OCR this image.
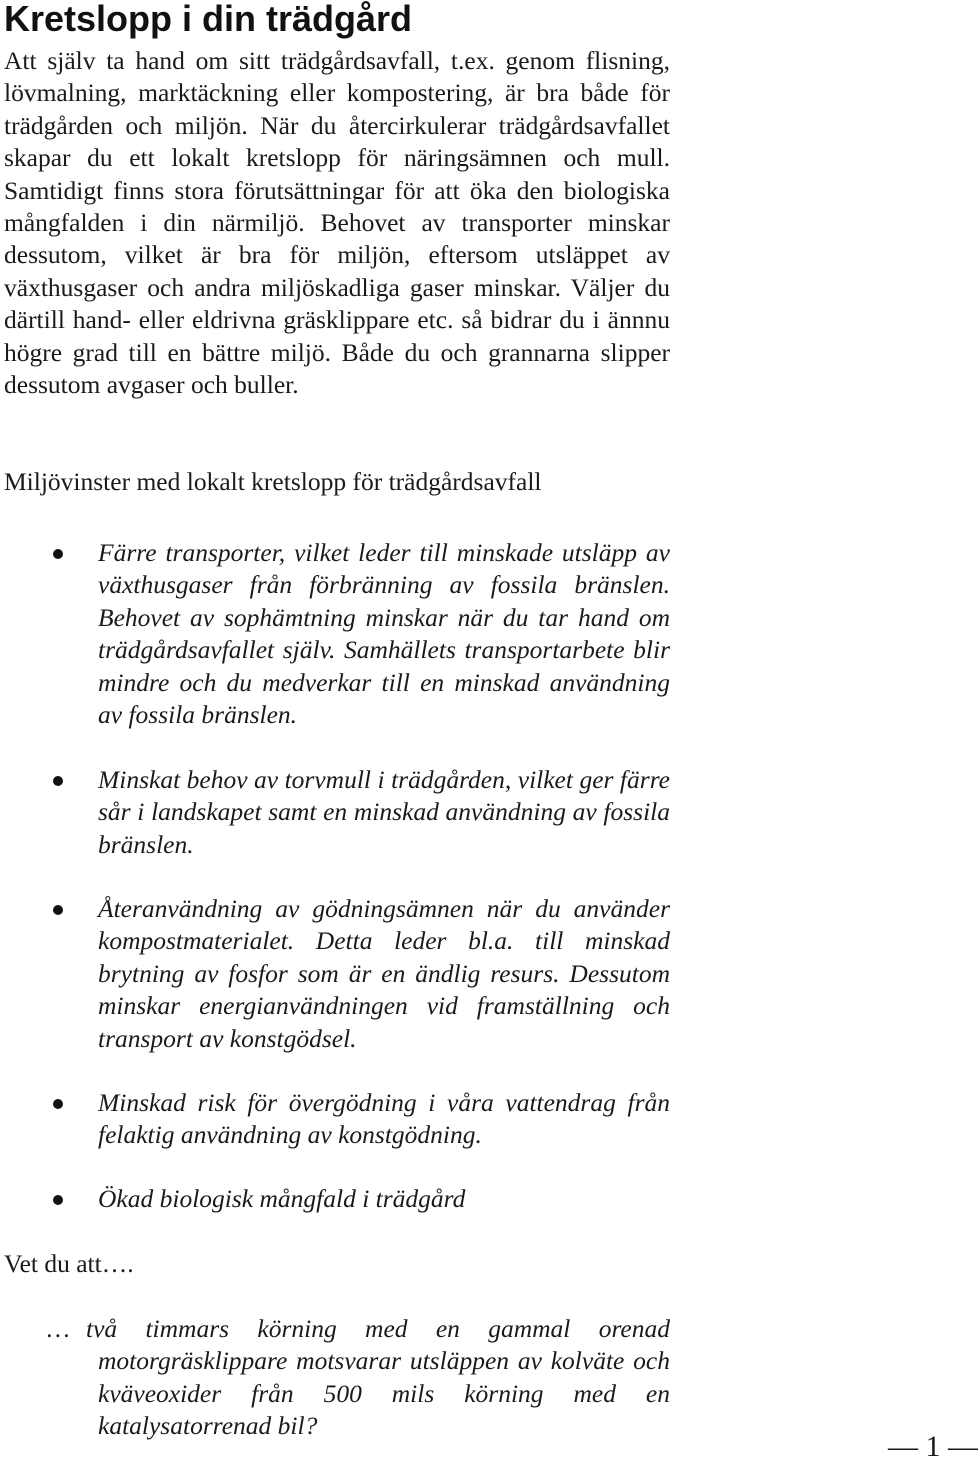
Kretslopp i din trädgård

Att själv ta hand om sitt trädgårdsavfall, t.ex. genom flisning, lövmalning, marktäckning eller kompostering, är bra både för trädgården och miljön. När du återcirkulerar trädgårdsavfallet skapar du ett lokalt kretslopp för näringsämnen och mull. Samtidigt finns stora förutsättningar för att öka den biologiska mångfalden i din närmiljö. Behovet av transporter minskar dessutom, vilket är bra för miljön, eftersom utsläppet av växthusgaser och andra miljöskadliga gaser minskar. Väljer du därtill hand- eller eldrivna gräsklippare etc. så bidrar du i ännnu högre grad till en bättre miljö. Både du och grannarna slipper dessutom avgaser och buller.

Miljövinster med lokalt kretslopp för trädgårdsavfall

Färre transporter, vilket leder till minskade utsläpp av växthusgaser från förbränning av fossila bränslen. Behovet av sophämtning minskar när du tar hand om trädgårdsavfallet själv. Samhällets transportarbete blir mindre och du medverkar till en minskad användning av fossila bränslen.

Minskat behov av torvmull i trädgården, vilket ger färre sår i landskapet samt en minskad användning av fossila bränslen.

Återanvändning av gödningsämnen när du använder kompostmaterialet. Detta leder bl.a. till minskad brytning av fosfor som är en ändlig resurs. Dessutom minskar energianvändningen vid framställning och transport av konstgödsel.

Minskad risk för övergödning i våra vattendrag från felaktig användning av konstgödning.

Ökad biologisk mångfald i trädgård

Vet du att….

… två timmars körning med en gammal orenad motorgräsklippare motsvarar utsläppen av kolväte och kväveoxider från 500 mils körning med en katalysatorrenad bil?

— 1 —
